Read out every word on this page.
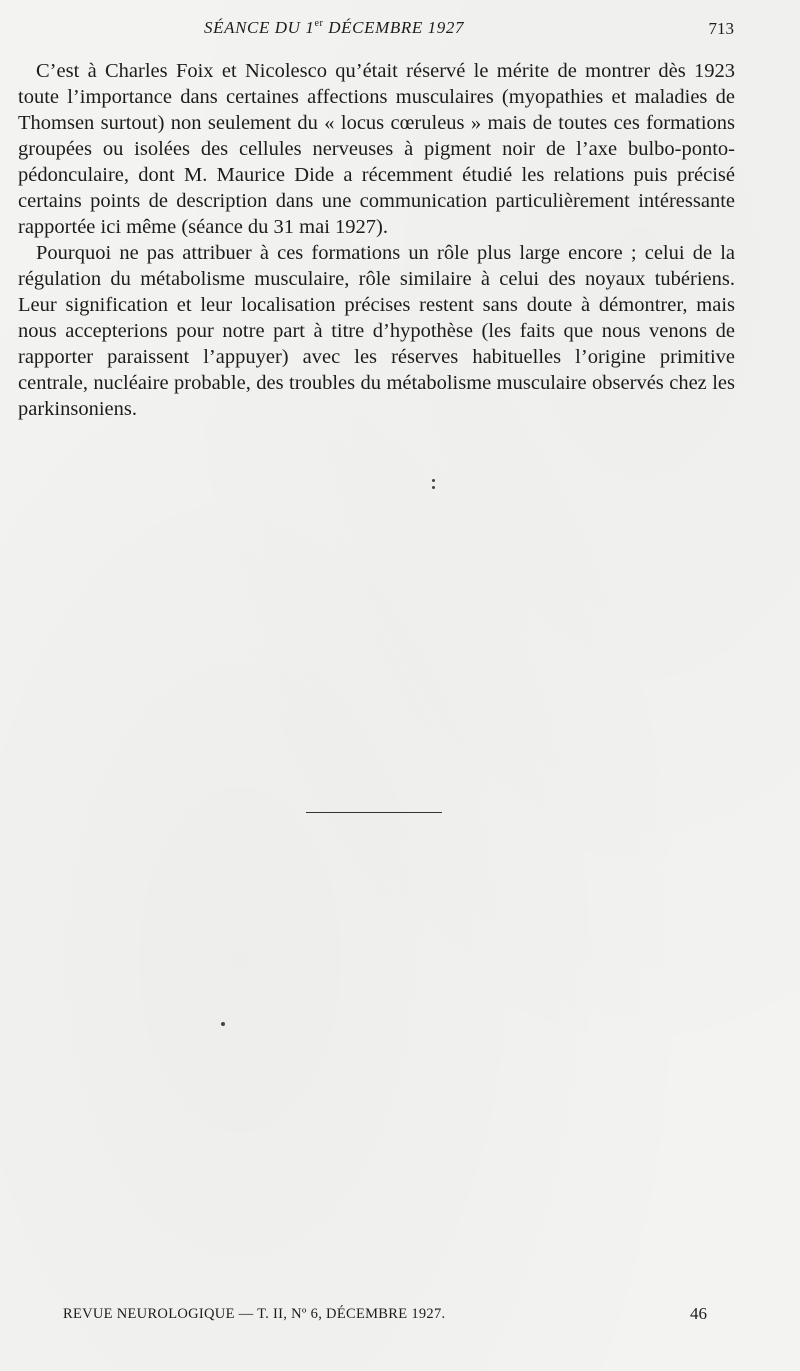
SÉANCE DU 1er DÉCEMBRE 1927	713

C’est à Charles Foix et Nicolesco qu’était réservé le mérite de montrer dès 1923 toute l’importance dans certaines affections musculaires (myopathies et maladies de Thomsen surtout) non seulement du « locus cœruleus » mais de toutes ces formations groupées ou isolées des cellules nerveuses à pigment noir de l’axe bulbo-ponto-pédonculaire, dont M. Maurice Dide a récemment étudié les relations puis précisé certains points de description dans une communication particulièrement intéressante rapportée ici même (séance du 31 mai 1927).

Pourquoi ne pas attribuer à ces formations un rôle plus large encore ; celui de la régulation du métabolisme musculaire, rôle similaire à celui des noyaux tubériens. Leur signification et leur localisation précises restent sans doute à démontrer, mais nous accepterions pour notre part à titre d’hypothèse (les faits que nous venons de rapporter paraissent l’appuyer) avec les réserves habituelles l’origine primitive centrale, nucléaire probable, des troubles du métabolisme musculaire observés chez les parkinsoniens.

REVUE NEUROLOGIQUE — T. II, Nº 6, DÉCEMBRE 1927.	46
